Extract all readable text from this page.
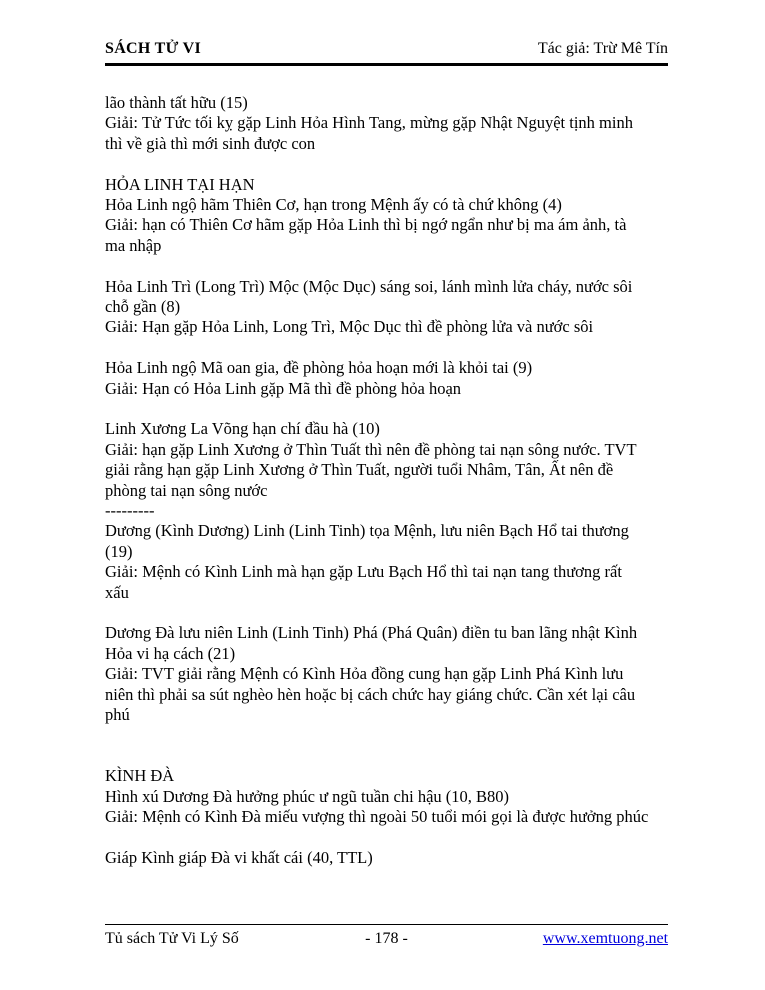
SÁCH TỬ VI	Tác giả: Trừ Mê Tín
lão thành tất hữu (15)
Giải: Tử Tức tối kỵ gặp Linh Hỏa Hình Tang, mừng gặp Nhật Nguyệt tịnh minh
thì về già thì mới sinh được con
HỎA LINH TẠI HẠN
Hỏa Linh ngộ hãm Thiên Cơ, hạn trong Mệnh ấy có tà chứ không (4)
Giải: hạn có Thiên Cơ hãm gặp Hỏa Linh thì bị ngớ ngẩn như bị ma ám ảnh, tà
ma nhập
Hỏa Linh Trì (Long Trì) Mộc (Mộc Dục) sáng soi, lánh mình lửa cháy, nước sôi
chỗ gần (8)
Giải: Hạn gặp Hỏa Linh, Long Trì, Mộc Dục thì đề phòng lửa và nước sôi
Hỏa Linh ngộ Mã oan gia, đề phòng hỏa hoạn mới là khỏi tai (9)
Giải: Hạn có Hỏa Linh gặp Mã thì đề phòng hỏa hoạn
Linh Xương La Võng hạn chí đầu hà (10)
Giải: hạn gặp Linh Xương ở Thìn Tuất thì nên đề phòng tai nạn sông nước. TVT
giải rằng hạn gặp Linh Xương ở Thìn Tuất, người tuổi Nhâm, Tân, Ất nên đề
phòng tai nạn sông nước
---------
Dương (Kình Dương) Linh (Linh Tinh) tọa Mệnh, lưu niên Bạch Hổ tai thương
(19)
Giải: Mệnh có Kình Linh mà hạn gặp Lưu Bạch Hổ thì tai nạn tang thương rất
xấu
Dương Đà lưu niên Linh (Linh Tinh) Phá (Phá Quân) điền tu ban lãng nhật Kình
Hỏa vi hạ cách (21)
Giải: TVT giải rằng Mệnh có Kình Hỏa đồng cung hạn gặp Linh Phá Kình lưu
niên thì phải sa sút nghèo hèn hoặc bị cách chức hay giáng chức. Cần xét lại câu
phú
KÌNH ĐÀ
Hình xú Dương Đà hưởng phúc ư ngũ tuần chi hậu (10, B80)
Giải: Mệnh có Kình Đà miếu vượng thì ngoài 50 tuổi mói gọi là được hưởng phúc
Giáp Kình giáp Đà vi khất cái (40, TTL)
Tủ sách Tử Vi Lý Số	- 178 -	www.xemtuong.net
